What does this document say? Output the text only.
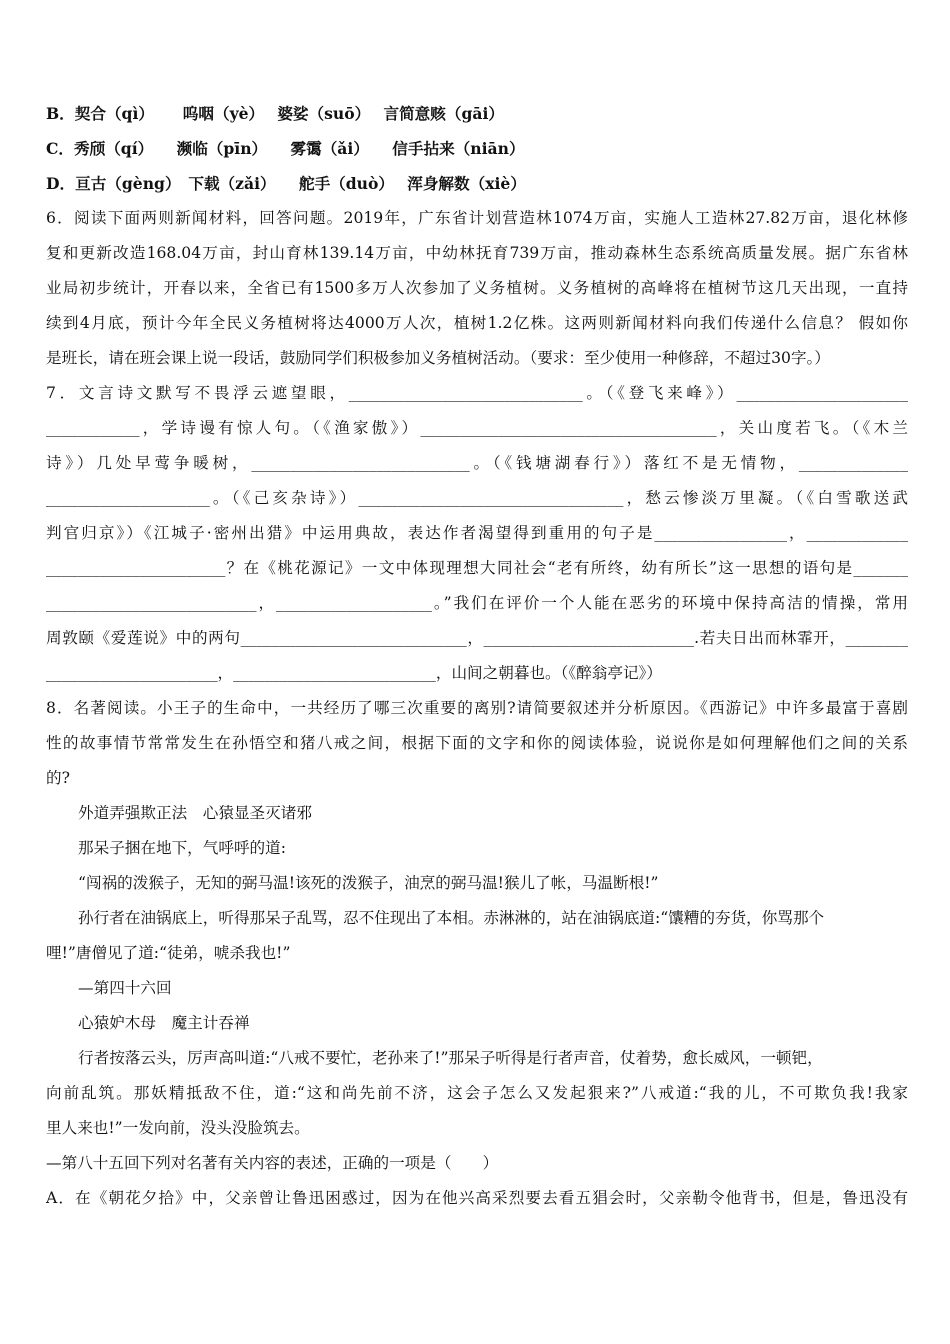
B．契合（qì）　　 呜咽（yè）　 婆娑（suō）　 言简意赅（gāi）
C．秀颀（qí）　　濒临（pīn）　　雾霭（ǎi）　　信手拈来（niān）
D．亘古（gèng）　下载（zǎi）　　舵手（duò）　 浑身解数（xiè）
6．阅读下面两则新闻材料，回答问题。2019年，广东省计划营造林1074万亩，实施人工造林27.82万亩，退化林修
复和更新改造168.04万亩，封山育林139.14万亩，中幼林抚育739万亩，推动森林生态系统高质量发展。据广东省林
业局初步统计，开春以来，全省已有1500多万人次参加了义务植树。义务植树的高峰将在植树节这几天出现，一直持
续到4月底，预计今年全民义务植树将达4000万人次，植树1.2亿株。这两则新闻材料向我们传递什么信息？ 假如你
是班长，请在班会课上说一段话，鼓励同学们积极参加义务植树活动。（要求：至少使用一种修辞，不超过30字。）
7．文言诗文默写不畏浮云遮望眼，______________________________。（《登飞来峰》）______________________
____________，学诗谩有惊人句。（《渔家傲》）______________________________________，关山度若飞。（《木兰
诗》）几处早莺争暖树，____________________________。（《钱塘湖春行》）落红不是无情物，______________
_____________________。（《己亥杂诗》）__________________________________，愁云惨淡万里凝。（《白雪歌送武
判官归京》）《江城子·密州出猎》中运用典故，表达作者渴望得到重用的句子是_________________，_____________
_______________________？在《桃花源记》一文中体现理想大同社会“老有所终，幼有所长”这一思想的语句是_______
___________________________，____________________。”我们在评价一个人能在恶劣的环境中保持高洁的情操，常用
周敦颐《爱莲说》中的两句_____________________________，___________________________.若夫日出而林霏开，________
______________________，__________________________，山间之朝暮也。（《醉翁亭记》）
8．名著阅读。小王子的生命中，一共经历了哪三次重要的离别?请简要叙述并分析原因。《西游记》中许多最富于喜剧
性的故事情节常常发生在孙悟空和猪八戒之间，根据下面的文字和你的阅读体验，说说你是如何理解他们之间的关系
的?
外道弄强欺正法　心猿显圣灭诸邪
那呆子捆在地下，气呼呼的道:
“闯祸的泼猴子，无知的弼马温!该死的泼猴子，油烹的弼马温!猴儿了帐，马温断根!”
孙行者在油锅底上，听得那呆子乱骂，忍不住现出了本相。赤淋淋的，站在油锅底道:“馕糟的夯货，你骂那个
哩!”唐僧见了道:“徒弟，唬杀我也!”
—第四十六回
心猿妒木母　魔主计吞禅
行者按落云头，厉声高叫道:“八戒不要忙，老孙来了!”那呆子听得是行者声音，仗着势，愈长威风，一顿钯，
向前乱筑。那妖精抵敌不住，道:“这和尚先前不济，这会子怎么又发起狠来?”八戒道:“我的儿，不可欺负我!我家
里人来也!”一发向前，没头没脸筑去。
—第八十五回下列对名著有关内容的表述，正确的一项是（　　）
A．在《朝花夕拾》中，父亲曾让鲁迅困惑过，因为在他兴高采烈要去看五猖会时，父亲勒令他背书，但是，鲁迅没有
